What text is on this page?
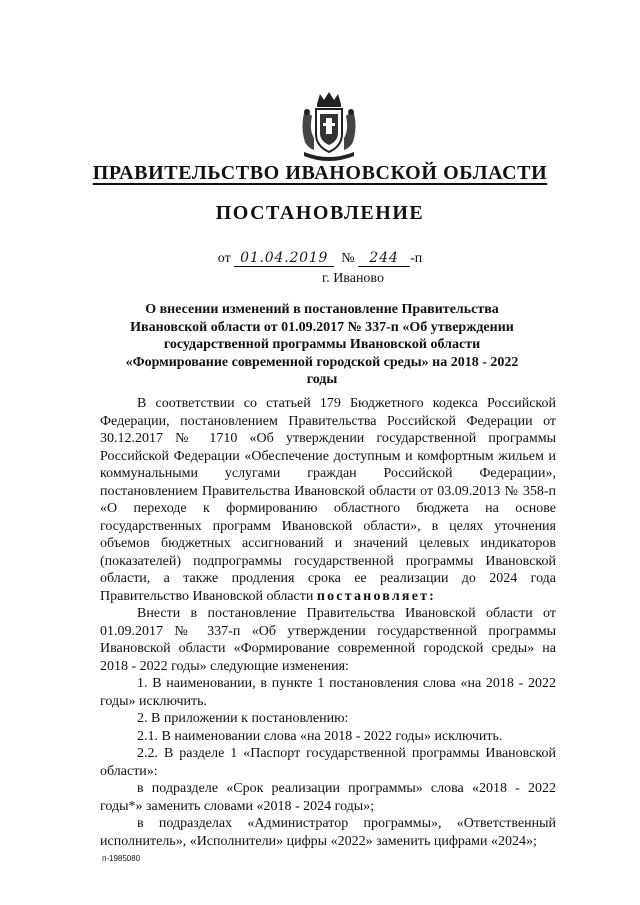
ПРАВИТЕЛЬСТВО ИВАНОВСКОЙ ОБЛАСТИ
ПОСТАНОВЛЕНИЕ
от 01.04.2019 № 244 -п
г. Иваново
О внесении изменений в постановление Правительства Ивановской области от 01.09.2017 № 337-п «Об утверждении государственной программы Ивановской области «Формирование современной городской среды» на 2018 - 2022 годы

В соответствии со статьей 179 Бюджетного кодекса Российской Федерации, постановлением Правительства Российской Федерации от 30.12.2017 № 1710 «Об утверждении государственной программы Российской Федерации «Обеспечение доступным и комфортным жильем и коммунальными услугами граждан Российской Федерации», постановлением Правительства Ивановской области от 03.09.2013 № 358-п «О переходе к формированию областного бюджета на основе государственных программ Ивановской области», в целях уточнения объемов бюджетных ассигнований и значений целевых индикаторов (показателей) подпрограммы государственной программы Ивановской области, а также продления срока ее реализации до 2024 года Правительство Ивановской области постановляет:

Внести в постановление Правительства Ивановской области от 01.09.2017 № 337-п «Об утверждении государственной программы Ивановской области «Формирование современной городской среды» на 2018 - 2022 годы» следующие изменения:

1. В наименовании, в пункте 1 постановления слова «на 2018 - 2022 годы» исключить.

2. В приложении к постановлению:

2.1. В наименовании слова «на 2018 - 2022 годы» исключить.

2.2. В разделе 1 «Паспорт государственной программы Ивановской области»:

в подразделе «Срок реализации программы» слова «2018 - 2022 годы*» заменить словами «2018 - 2024 годы»;

в подразделах «Администратор программы», «Ответственный исполнитель», «Исполнители» цифры «2022» заменить цифрами «2024»;

п-1985080
